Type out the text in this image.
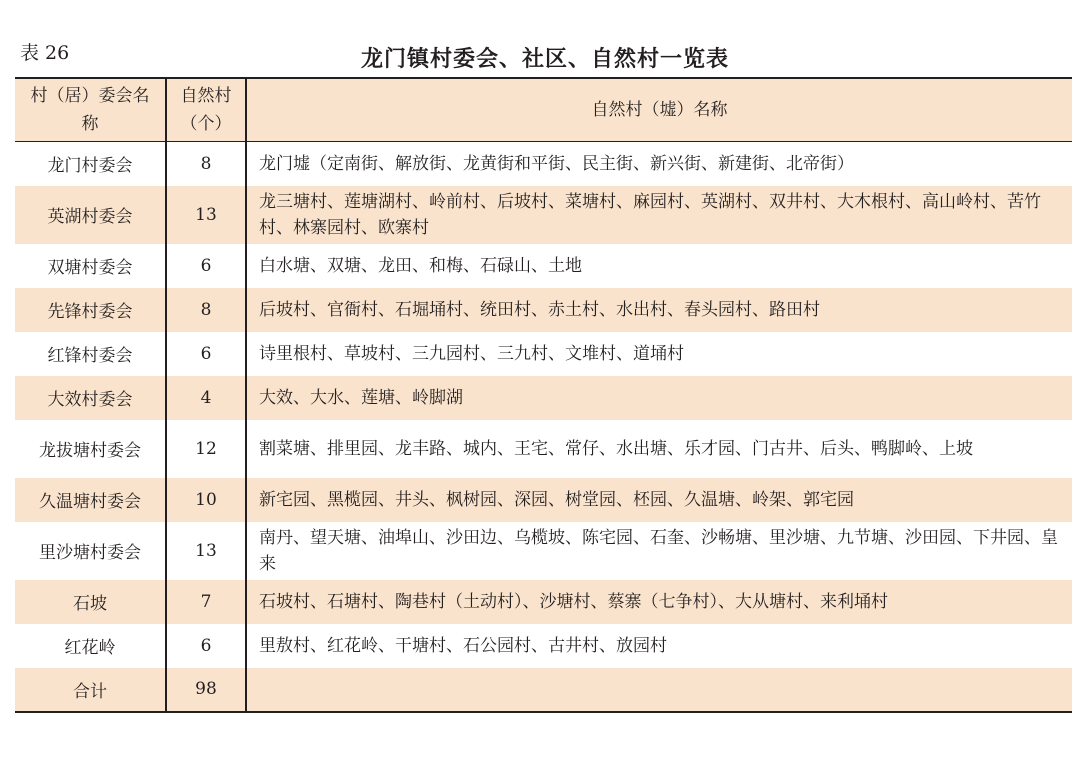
表 26	龙门镇村委会、社区、自然村一览表
村（居）委会名称	自然村（个）	自然村（墟）名称
龙门村委会	8	龙门墟（定南街、解放街、龙黄街和平街、民主街、新兴街、新建街、北帝街）
英湖村委会	13	龙三塘村、莲塘湖村、岭前村、后坡村、菜塘村、麻园村、英湖村、双井村、大木根村、高山岭村、苦竹村、林寨园村、欧寨村
双塘村委会	6	白水塘、双塘、龙田、和梅、石碌山、土地
先锋村委会	8	后坡村、官衙村、石堀埇村、统田村、赤土村、水出村、春头园村、路田村
红锋村委会	6	诗里根村、草坡村、三九园村、三九村、文堆村、道埇村
大效村委会	4	大效、大水、莲塘、岭脚湖
龙拔塘村委会	12	割菜塘、排里园、龙丰路、城内、王宅、常仔、水出塘、乐才园、门古井、后头、鸭脚岭、上坡
久温塘村委会	10	新宅园、黑榄园、井头、枫树园、深园、树堂园、柸园、久温塘、岭架、郭宅园
里沙塘村委会	13	南丹、望天塘、油埠山、沙田边、乌榄坡、陈宅园、石奎、沙畅塘、里沙塘、九节塘、沙田园、下井园、皇来
石坡	7	石坡村、石塘村、陶巷村（土动村）、沙塘村、蔡寨（七争村）、大从塘村、来利埇村
红花岭	6	里敖村、红花岭、干塘村、石公园村、古井村、放园村
合计	98	
